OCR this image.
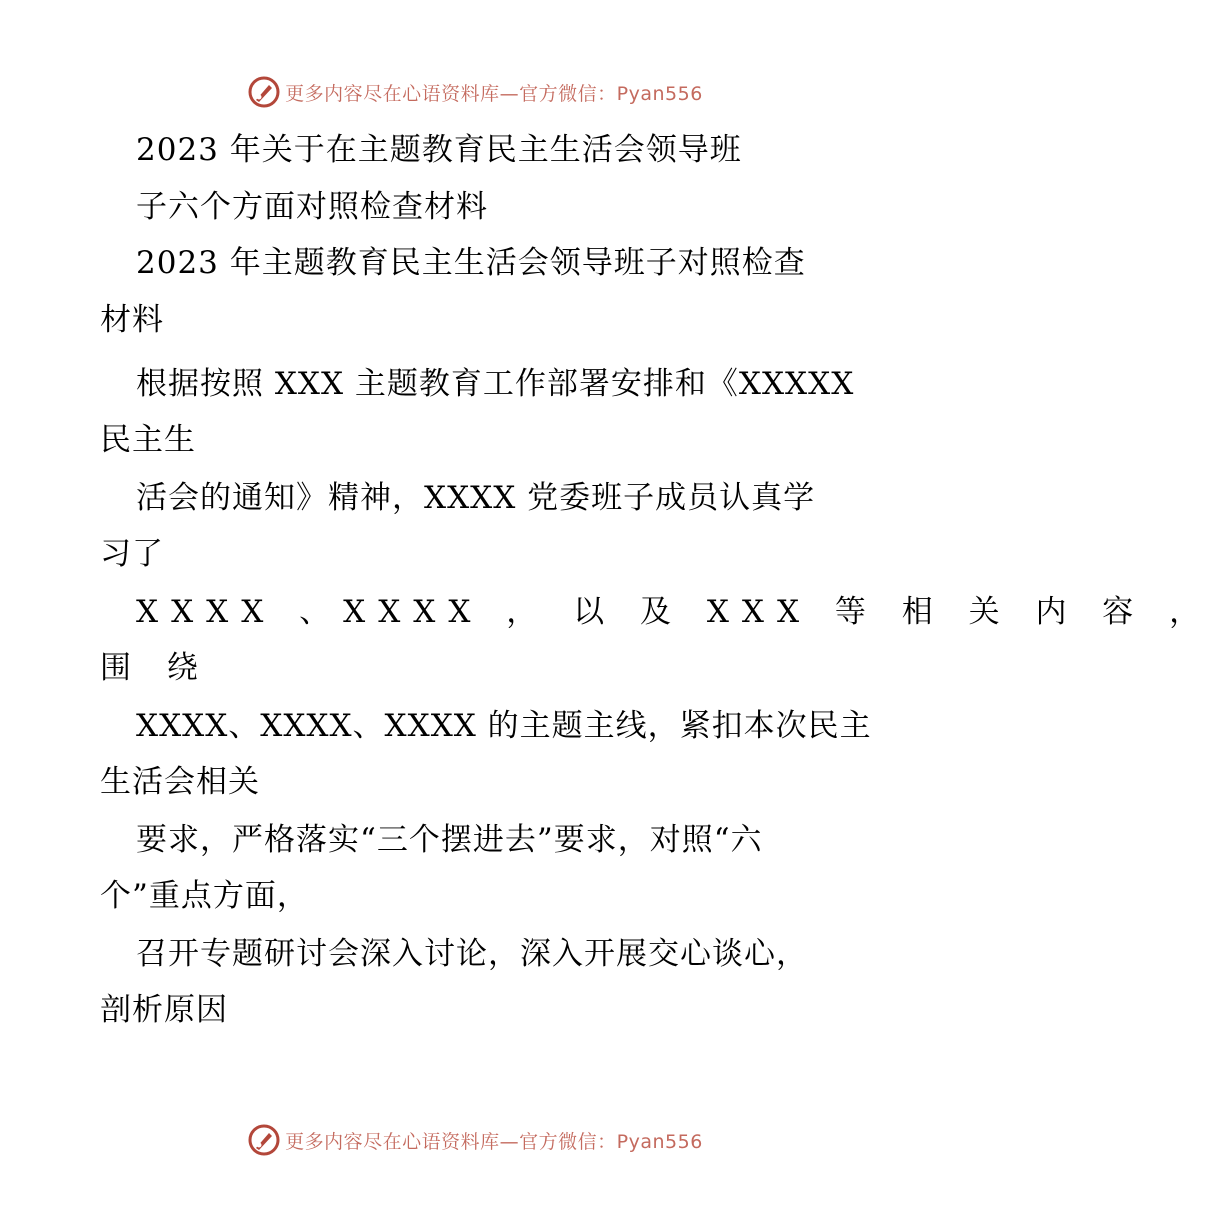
更多内容尽在心语资料库—官方微信：Pyan556
2023 年关于在主题教育民主生活会领导班
子六个方面对照检查材料
2023 年主题教育民主生活会领导班子对照检查
材料
根据按照 XXX 主题教育工作部署安排和《XXXXX
民主生
活会的通知》精神，XXXX 党委班子成员认真学
习了
XXXX 、XXXX ， 以 及 XXX 等 相 关 内 容 ，
围 绕
XXXX、XXXX、XXXX 的主题主线，紧扣本次民主
生活会相关
要求，严格落实“三个摆进去”要求，对照“六
个”重点方面，
召开专题研讨会深入讨论，深入开展交心谈心，
剖析原因
更多内容尽在心语资料库—官方微信：Pyan556
